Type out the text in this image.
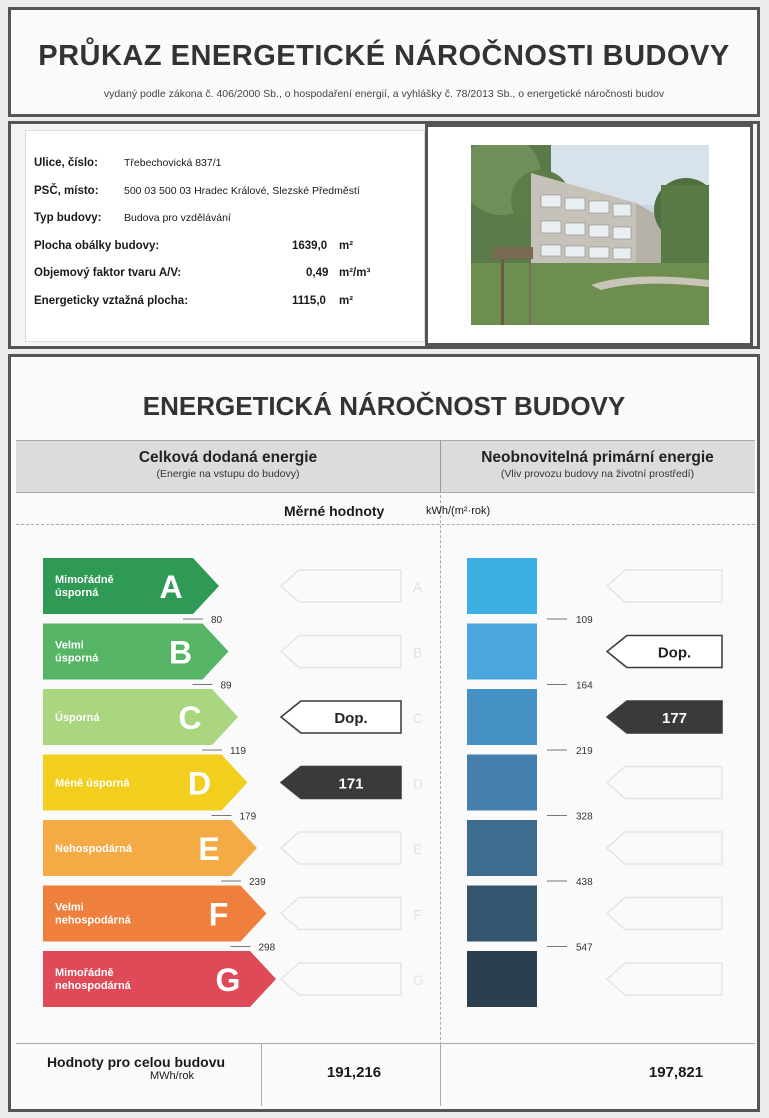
PRŮKAZ ENERGETICKÉ NÁROČNOSTI BUDOVY
vydaný podle zákona č. 406/2000 Sb., o hospodaření energií, a vyhlášky č. 78/2013 Sb., o energetické náročnosti budov
Ulice, číslo: Třebechovická 837/1
PSČ, místo: 500 03 500 03 Hradec Králové, Slezské Předměstí
Typ budovy: Budova pro vzdělávání
Plocha obálky budovy:	1639,0 m²
Objemový faktor tvaru A/V:	0,49 m²/m³
Energeticky vztažná plocha:	1115,0 m²
ENERGETICKÁ NÁROČNOST BUDOVY
Celková dodaná energie
(Energie na vstupu do budovy)
Neobnovitelná primární energie
(Vliv provozu budovy na životní prostředí)
Měrné hodnoty	kWh/(m²·rok)
Mimořádně
úsporná A
Velmi
úsporná B
Úsporná C
Méně úsporná D
Nehospodárná E
Velmi
nehospodárná F
Mimořádně
nehospodárná	G
80
89
119
179
239
298
A
B
C
D
E
F
G
Dop.
171
Dop.
177
109
164
219
328
438
547
Hodnoty pro celou budovu
MWh/rok	191,216	197,821
